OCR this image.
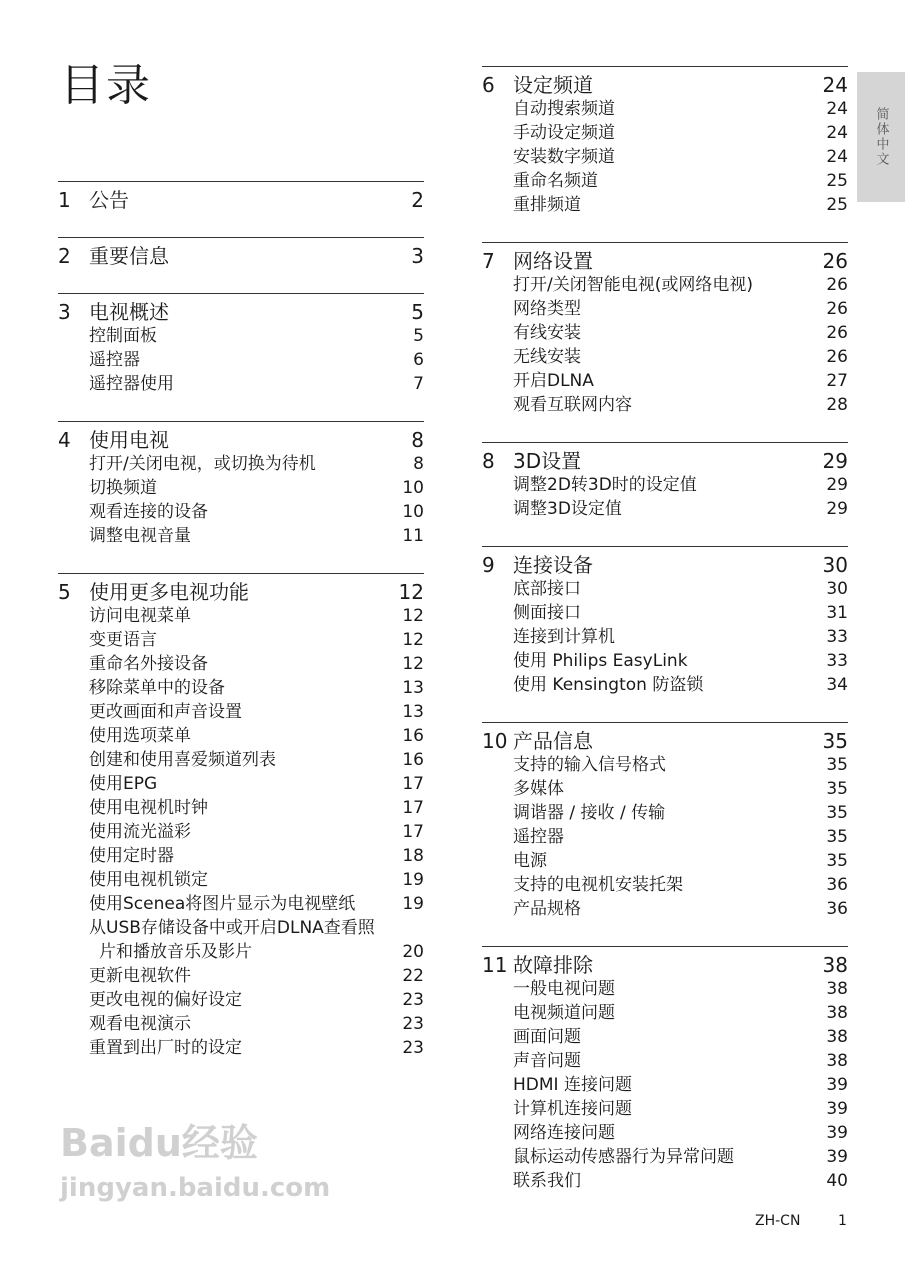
目录
1 公告	2
2 重要信息	3
3 电视概述	5
控制面板	5
遥控器	6
遥控器使用	7
4 使用电视	8
打开/关闭电视，或切换为待机	8
切换频道	10
观看连接的设备	10
调整电视音量	11
5 使用更多电视功能	12
访问电视菜单	12
变更语言	12
重命名外接设备	12
移除菜单中的设备	13
更改画面和声音设置	13
使用选项菜单	16
创建和使用喜爱频道列表	16
使用EPG	17
使用电视机时钟	17
使用流光溢彩	17
使用定时器	18
使用电视机锁定	19
使用Scenea将图片显示为电视壁纸	19
从USB存储设备中或开启DLNA查看照
片和播放音乐及影片	20
更新电视软件	22
更改电视的偏好设定	23
观看电视演示	23
重置到出厂时的设定	23
6 设定频道	24
自动搜索频道	24
手动设定频道	24
安装数字频道	24
重命名频道	25
重排频道	25
7 网络设置	26
打开/关闭智能电视(或网络电视)	26
网络类型	26
有线安装	26
无线安装	26
开启DLNA	27
观看互联网内容	28
8 3D设置	29
调整2D转3D时的设定值	29
调整3D设定值	29
9 连接设备	30
底部接口	30
侧面接口	31
连接到计算机	33
使用 Philips EasyLink	33
使用 Kensington 防盗锁	34
10 产品信息	35
支持的输入信号格式	35
多媒体	35
调谐器 / 接收 / 传输	35
遥控器	35
电源	35
支持的电视机安装托架	36
产品规格	36
11 故障排除	38
一般电视问题	38
电视频道问题	38
画面问题	38
声音问题	38
HDMI 连接问题	39
计算机连接问题	39
网络连接问题	39
鼠标运动传感器行为异常问题	39
联系我们	40
简体中文
Baidu经验
jingyan.baidu.com
ZH-CN	1
